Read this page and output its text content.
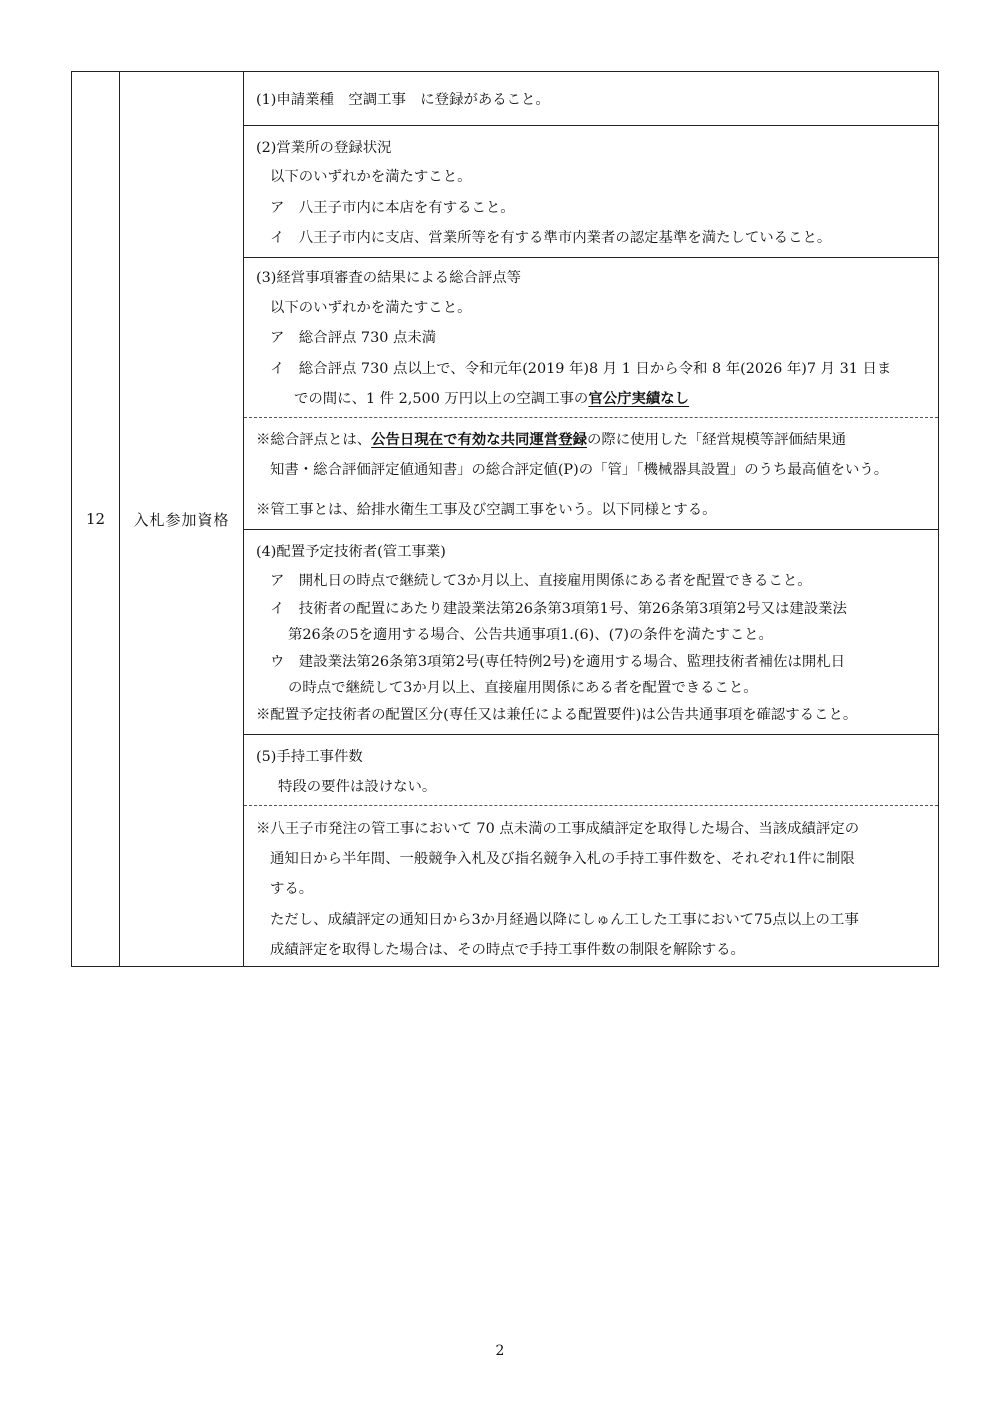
12	入札参加資格
(1)申請業種　空調工事　に登録があること。
(2)営業所の登録状況
以下のいずれかを満たすこと。
ア　八王子市内に本店を有すること。
イ　八王子市内に支店、営業所等を有する準市内業者の認定基準を満たしていること。
(3)経営事項審査の結果による総合評点等
以下のいずれかを満たすこと。
ア　総合評点 730 点未満
イ　総合評点 730 点以上で、令和元年(2019 年)8 月 1 日から令和 8 年(2026 年)7 月 31 日ま
での間に、1 件 2,500 万円以上の空調工事の官公庁実績なし
※総合評点とは、公告日現在で有効な共同運営登録の際に使用した「経営規模等評価結果通
知書・総合評価評定値通知書」の総合評定値(P)の「管」「機械器具設置」のうち最高値をいう。
※管工事とは、給排水衛生工事及び空調工事をいう。以下同様とする。
(4)配置予定技術者(管工事業)
ア　開札日の時点で継続して3か月以上、直接雇用関係にある者を配置できること。
イ　技術者の配置にあたり建設業法第26条第3項第1号、第26条第3項第2号又は建設業法
第26条の5を適用する場合、公告共通事項1.(6)、(7)の条件を満たすこと。
ウ　建設業法第26条第3項第2号(専任特例2号)を適用する場合、監理技術者補佐は開札日
の時点で継続して3か月以上、直接雇用関係にある者を配置できること。
※配置予定技術者の配置区分(専任又は兼任による配置要件)は公告共通事項を確認すること。
(5)手持工事件数
特段の要件は設けない。
※八王子市発注の管工事において 70 点未満の工事成績評定を取得した場合、当該成績評定の
通知日から半年間、一般競争入札及び指名競争入札の手持工事件数を、それぞれ1件に制限
する。
ただし、成績評定の通知日から3か月経過以降にしゅん工した工事において75点以上の工事
成績評定を取得した場合は、その時点で手持工事件数の制限を解除する。
2
